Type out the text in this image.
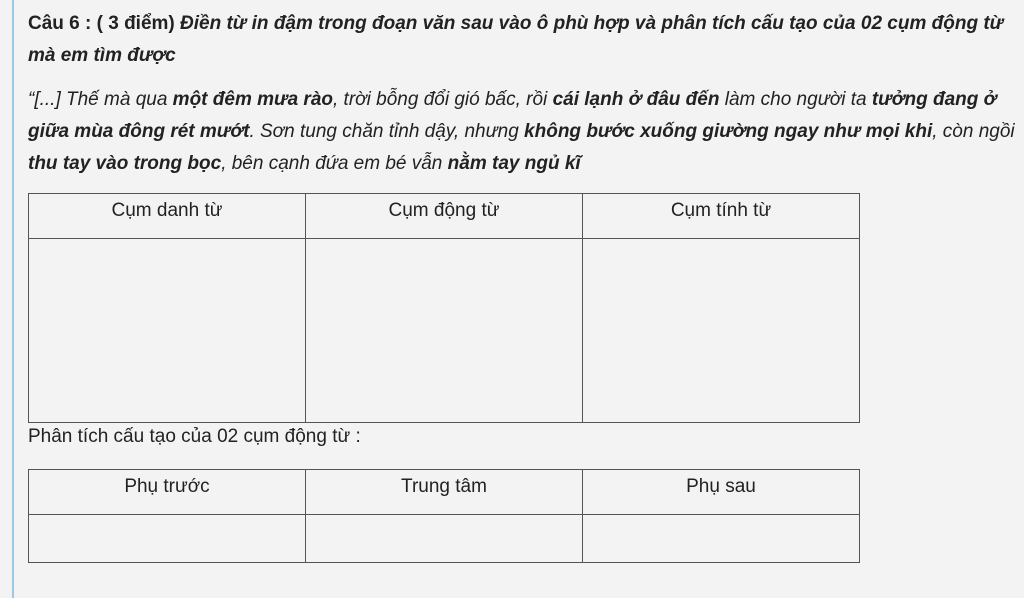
Câu 6 : ( 3 điểm) Điền từ in đậm trong đoạn văn sau vào ô phù hợp và phân tích cấu tạo của 02 cụm động từ mà em tìm được

“[...] Thế mà qua một đêm mưa rào, trời bỗng đổi gió bấc, rồi cái lạnh ở đâu đến làm cho người ta tưởng đang ở giữa mùa đông rét mướt. Sơn tung chăn tỉnh dậy, nhưng không bước xuống giường ngay như mọi khi, còn ngồi thu tay vào trong bọc, bên cạnh đứa em bé vẫn nằm tay ngủ kĩ

Cụm danh từ	Cụm động từ	Cụm tính từ

Phân tích cấu tạo của 02 cụm động từ :

Phụ trước	Trung tâm	Phụ sau
